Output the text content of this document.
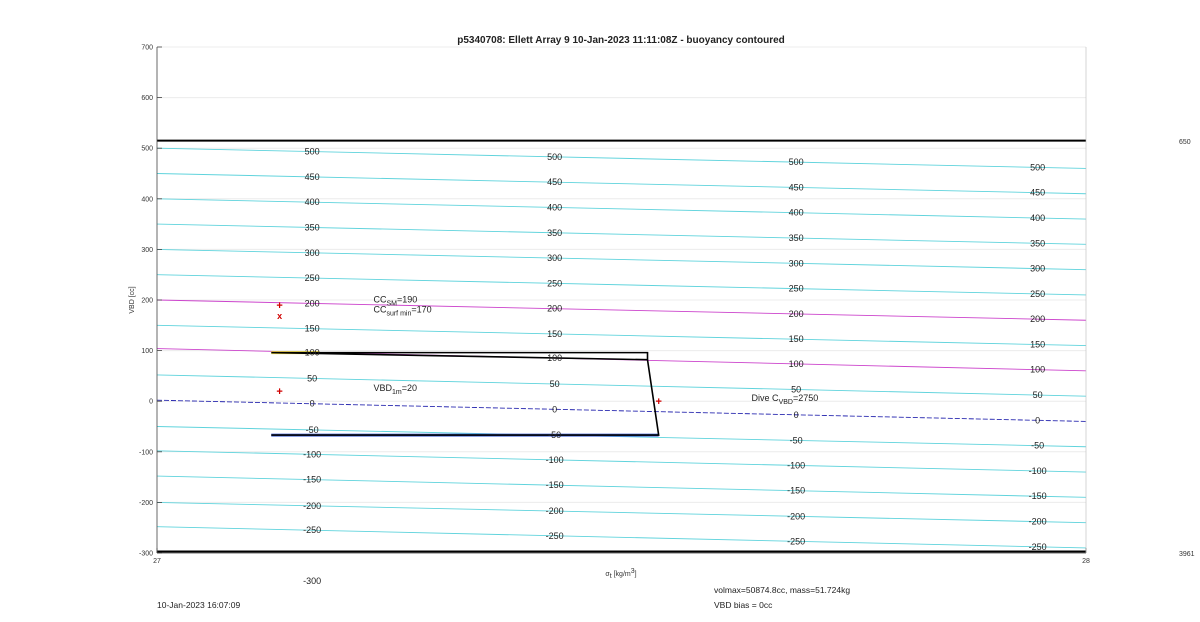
p5340708: Ellett Array 9 10-Jan-2023 11:11:08Z - buoyancy contoured
500
450
400
350
300
250
200
150
100
50
0
-50
-100
-150
-200
-250
-300
500
450
400
350
300
250
200
150
100
50
0
-50
-100
-150
-200
-250
500
450
400
350
300
250
200
150
100
50
0
-50
-100
-150
-200
-250
500
450
400
350
300
250
200
150
100
50
0
-50
-100
-150
-200
-250
+
x
+
+
$CC_{SM}=190$
$CC_{surf min}=170$
$VBD_{1m}=20$
Dive $C_{VBD}=2750$
700
600
500
400
300
200
100
0
-100
-200
-300
27	28
650
3961
VBD [cc]
σt [kg/m3]
10-Jan-2023 16:07:09
volmax=50874.8cc, mass=51.724kg
VBD bias = 0cc
